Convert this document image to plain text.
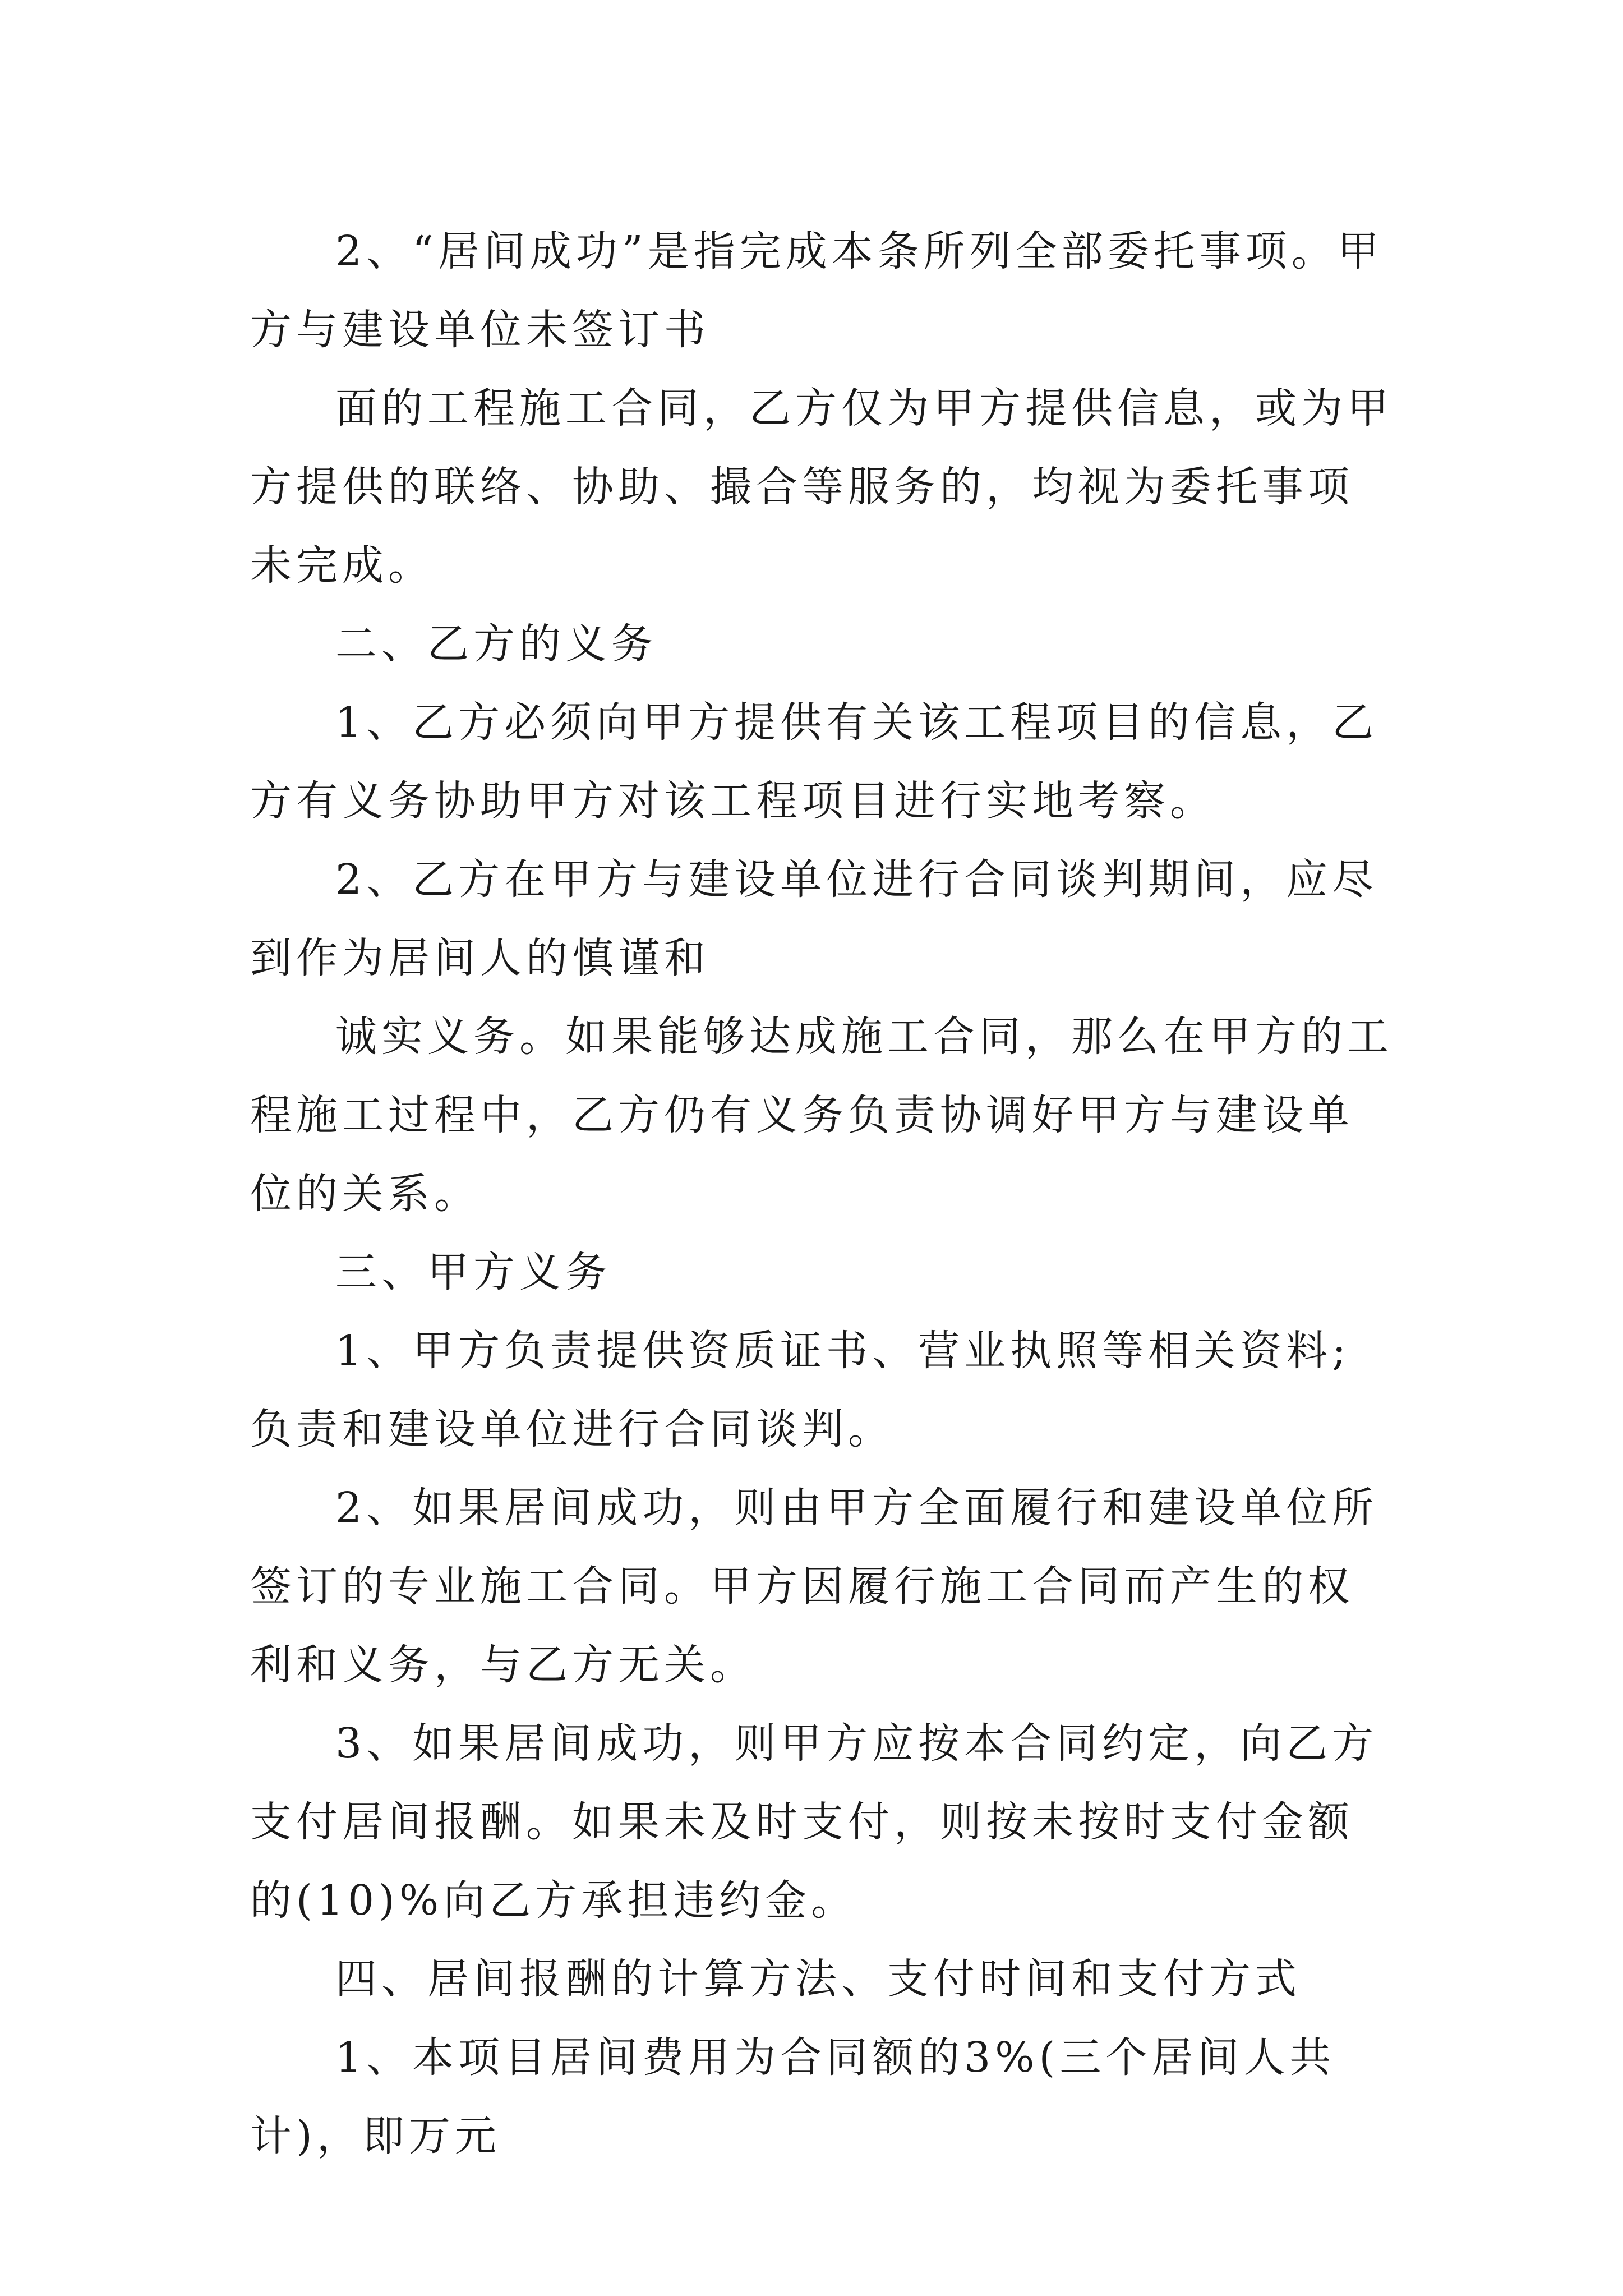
2、“居间成功”是指完成本条所列全部委托事项。甲方与建设单位未签订书

面的工程施工合同，乙方仅为甲方提供信息，或为甲方提供的联络、协助、撮合等服务的，均视为委托事项未完成。

二、乙方的义务

1、乙方必须向甲方提供有关该工程项目的信息，乙方有义务协助甲方对该工程项目进行实地考察。

2、乙方在甲方与建设单位进行合同谈判期间，应尽到作为居间人的慎谨和

诚实义务。如果能够达成施工合同，那么在甲方的工程施工过程中，乙方仍有义务负责协调好甲方与建设单位的关系。

三、甲方义务

1、甲方负责提供资质证书、营业执照等相关资料;负责和建设单位进行合同谈判。

2、如果居间成功，则由甲方全面履行和建设单位所签订的专业施工合同。甲方因履行施工合同而产生的权利和义务，与乙方无关。

3、如果居间成功，则甲方应按本合同约定，向乙方支付居间报酬。如果未及时支付，则按未按时支付金额的(10)%向乙方承担违约金。

四、居间报酬的计算方法、支付时间和支付方式

1、本项目居间费用为合同额的3%(三个居间人共计)，即万元
